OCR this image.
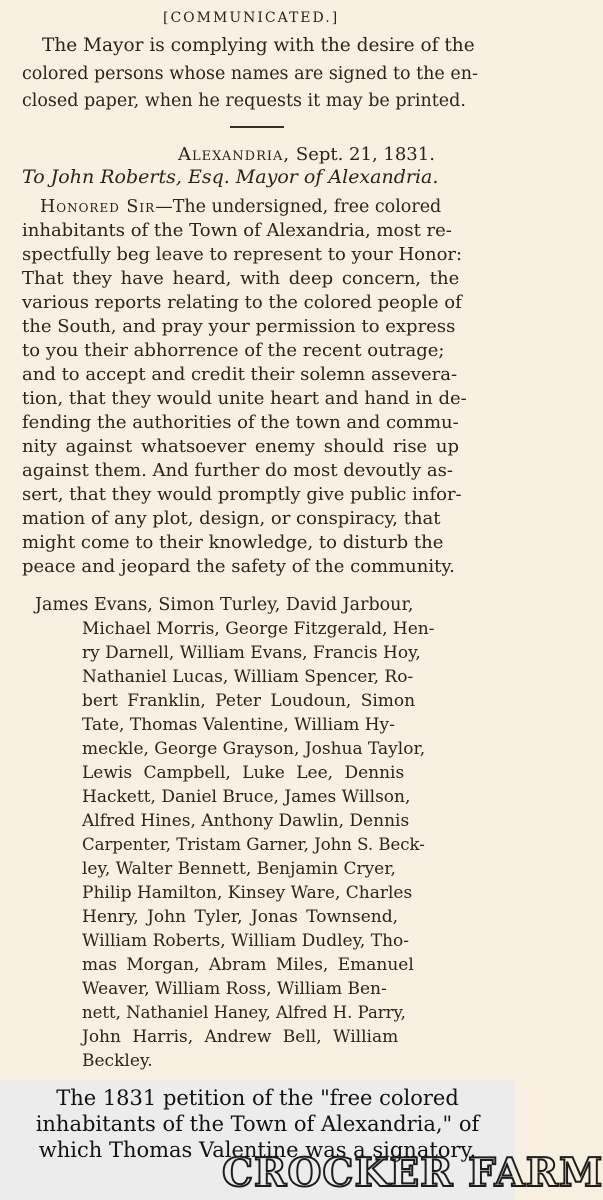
[COMMUNICATED.]
The Mayor is complying with the desire of the
colored persons whose names are signed to the en-
closed paper, when he requests it may be printed.
Alexandria, Sept. 21, 1831.
To John Roberts, Esq. Mayor of Alexandria.
Honored Sir—The undersigned, free colored
inhabitants of the Town of Alexandria, most re-
spectfully beg leave to represent to your Honor:
That they have heard, with deep concern, the
various reports relating to the colored people of
the South, and pray your permission to express
to you their abhorrence of the recent outrage;
and to accept and credit their solemn assevera-
tion, that they would unite heart and hand in de-
fending the authorities of the town and commu-
nity against whatsoever enemy should rise up
against them. And further do most devoutly as-
sert, that they would promptly give public infor-
mation of any plot, design, or conspiracy, that
might come to their knowledge, to disturb the
peace and jeopard the safety of the community.
James Evans, Simon Turley, David Jarbour,
Michael Morris, George Fitzgerald, Hen-
ry Darnell, William Evans, Francis Hoy,
Nathaniel Lucas, William Spencer, Ro-
bert Franklin, Peter Loudoun, Simon
Tate, Thomas Valentine, William Hy-
meckle, George Grayson, Joshua Taylor,
Lewis Campbell, Luke Lee, Dennis
Hackett, Daniel Bruce, James Willson,
Alfred Hines, Anthony Dawlin, Dennis
Carpenter, Tristam Garner, John S. Beck-
ley, Walter Bennett, Benjamin Cryer,
Philip Hamilton, Kinsey Ware, Charles
Henry, John Tyler, Jonas Townsend,
William Roberts, William Dudley, Tho-
mas Morgan, Abram Miles, Emanuel
Weaver, William Ross, William Ben-
nett, Nathaniel Haney, Alfred H. Parry,
John Harris, Andrew Bell, William
Beckley.
The 1831 petition of the "free colored inhabitants of the Town of Alexandria," of which Thomas Valentine was a signatory.
CROCKER FARM
